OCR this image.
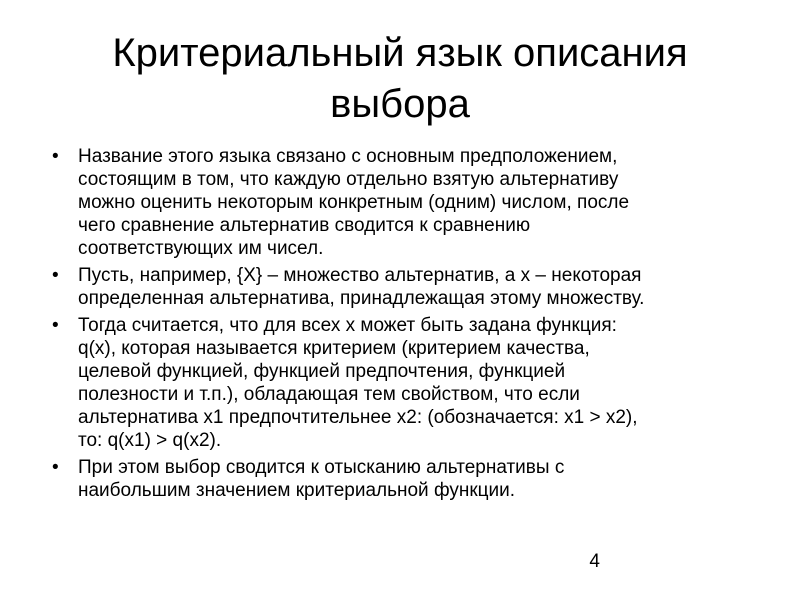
Критериальный язык описания
выбора
•	Название этого языка связано с основным предположением,
состоящим в том, что каждую отдельно взятую альтернативу
можно оценить некоторым конкретным (одним) числом, после
чего сравнение альтернатив сводится к сравнению
соответствующих им чисел.
•	Пусть, например, {X} – множество альтернатив, а x – некоторая
определенная альтернатива, принадлежащая этому множеству.
•	Тогда считается, что для всех x может быть задана функция:
q(x), которая называется критерием (критерием качества,
целевой функцией, функцией предпочтения, функцией
полезности и т.п.), обладающая тем свойством, что если
альтернатива x1 предпочтительнее x2: (обозначается: x1 > x2),
то: q(x1) > q(x2).
•	При этом выбор сводится к отысканию альтернативы с
наибольшим значением критериальной функции.
4
